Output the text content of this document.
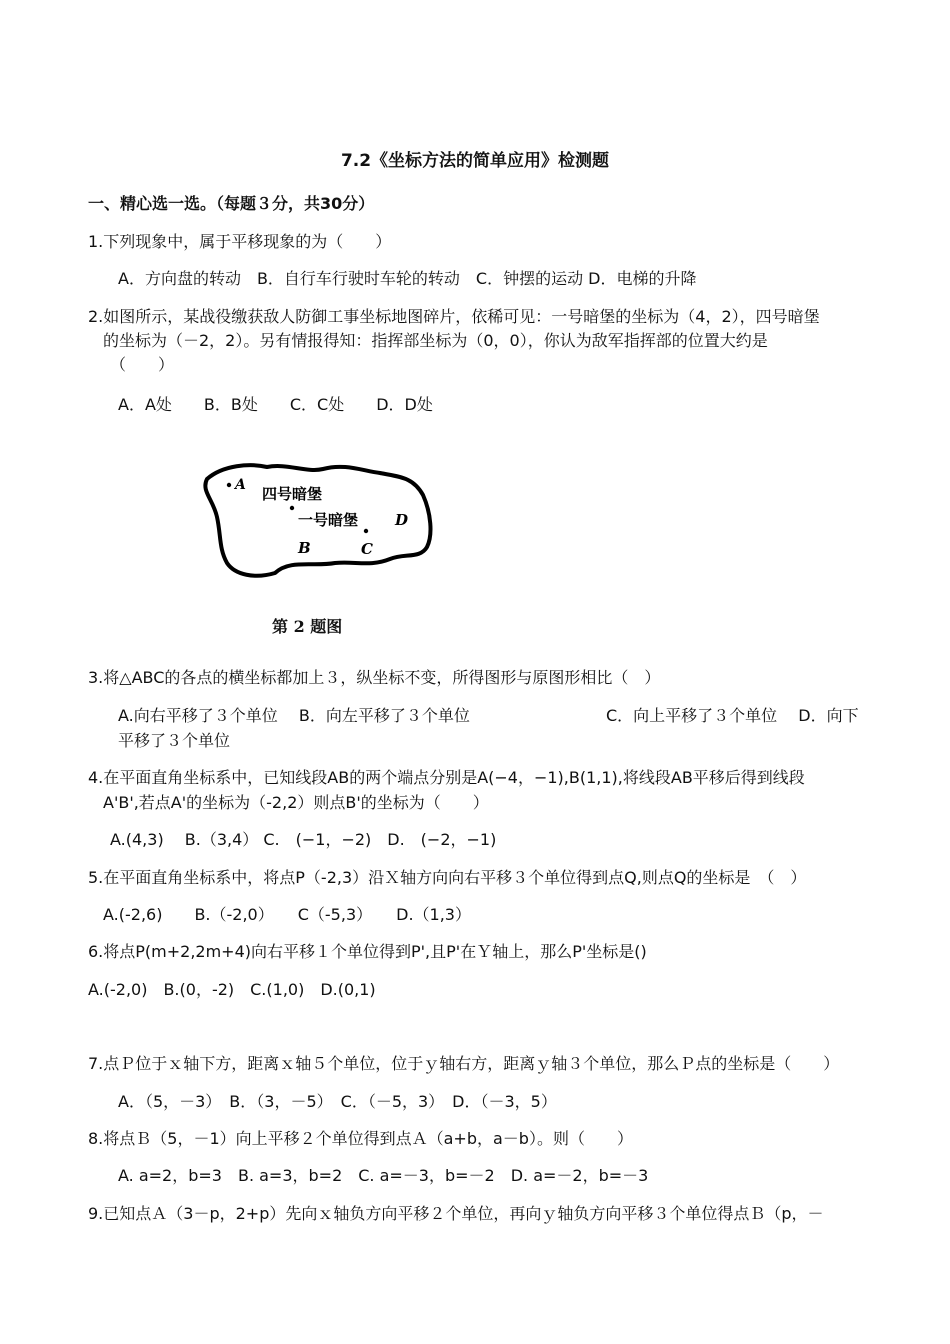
7.2《坐标方法的简单应用》检测题
一、精心选一选。（每题３分，共30分）
1.下列现象中，属于平移现象的为（　　）
A．方向盘的转动　B．自行车行驶时车轮的转动　C．钟摆的运动 D．电梯的升降
2.如图所示，某战役缴获敌人防御工事坐标地图碎片，依稀可见：一号暗堡的坐标为（4，2），四号暗堡
的坐标为（－2，2）。另有情报得知：指挥部坐标为（0，0），你认为敌军指挥部的位置大约是
（　　）
A．A处　　B．B处　　C．C处　　D．D处
A 四号暗堡
一号暗堡 D
B	C
第 2 题图
3.将△ABC的各点的横坐标都加上３，纵坐标不变，所得图形与原图形相比（　）
A.向右平移了３个单位　 B．向左平移了３个单位	C．向上平移了３个单位　 D．向下
平移了３个单位
4.在平面直角坐标系中，已知线段AB的两个端点分别是A(−4，−1),B(1,1),将线段AB平移后得到线段
A'B',若点A'的坐标为（-2,2）则点B'的坐标为（　　）
A.(4,3)　 B.（3,4） C.　(−1，−2)　D.　(−2，−1)
5.在平面直角坐标系中，将点P（-2,3）沿Ｘ轴方向向右平移３个单位得到点Q,则点Q的坐标是　（　）
A.(-2,6)　　B.（-2,0）　　C（-5,3）　　D.（1,3）
6.将点P(m+2,2m+4)向右平移１个单位得到P',且P'在Ｙ轴上，那么P'坐标是()
A.(-2,0)　B.(0，-2)　C.(1,0)　D.(0,1)
7.点Ｐ位于ｘ轴下方，距离ｘ轴５个单位，位于ｙ轴右方，距离ｙ轴３个单位，那么Ｐ点的坐标是（　　）
A．（5，－3）　B．（3，－5）　C．（－5，3）　D．（－3，5）
8.将点Ｂ（5，－1）向上平移２个单位得到点Ａ（a+b，a－b）。则（　　）
A. a=2，b=3　B. a=3，b=2　C. a=－3，b=－2　D. a=－2，b=－3
9.已知点Ａ（3－p，2+p）先向ｘ轴负方向平移２个单位，再向ｙ轴负方向平移３个单位得点Ｂ（p，－
